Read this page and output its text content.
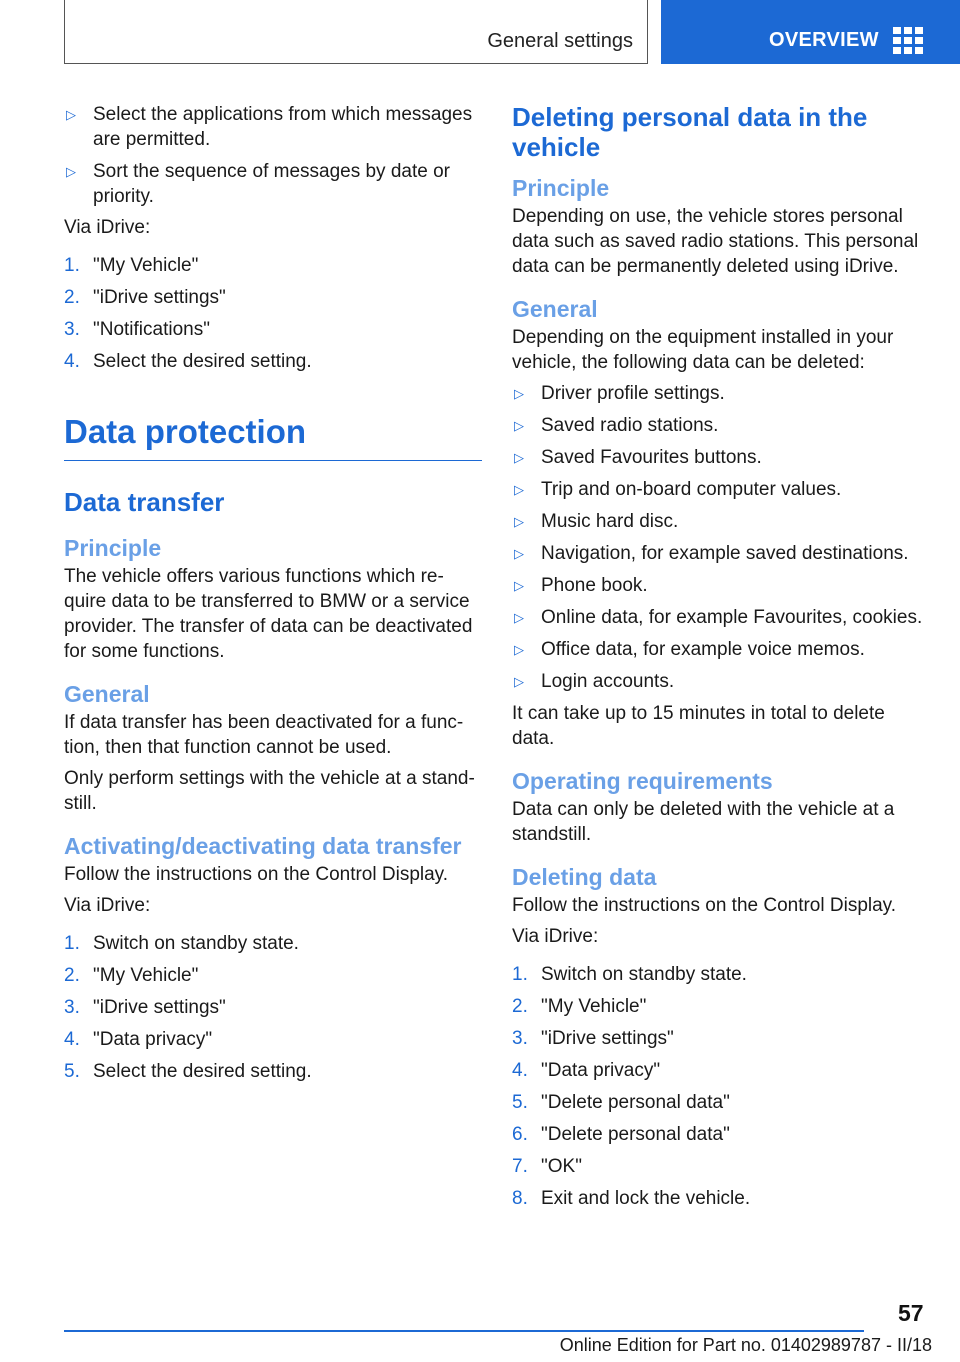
General settings	OVERVIEW
▷ Select the applications from which messages are permitted.
▷ Sort the sequence of messages by date or priority.

Via iDrive:

1. "My Vehicle"
2. "iDrive settings"
3. "Notifications"
4. Select the desired setting.
Data protection
Data transfer
Principle

The vehicle offers various functions which re‐quire data to be transferred to BMW or a service provider. The transfer of data can be deactivated for some functions.

General

If data transfer has been deactivated for a func‐tion, then that function cannot be used.

Only perform settings with the vehicle at a stand‐still.

Activating/deactivating data transfer

Follow the instructions on the Control Display.

Via iDrive:

1. Switch on standby state.
2. "My Vehicle"
3. "iDrive settings"
4. "Data privacy"
5. Select the desired setting.
Deleting personal data in the vehicle
Principle

Depending on use, the vehicle stores personal data such as saved radio stations. This personal data can be permanently deleted using iDrive.

General

Depending on the equipment installed in your vehicle, the following data can be deleted:

▷ Driver profile settings.
▷ Saved radio stations.
▷ Saved Favourites buttons.
▷ Trip and on-board computer values.
▷ Music hard disc.
▷ Navigation, for example saved destinations.
▷ Phone book.
▷ Online data, for example Favourites, cookies.
▷ Office data, for example voice memos.
▷ Login accounts.

It can take up to 15 minutes in total to delete data.

Operating requirements

Data can only be deleted with the vehicle at a standstill.

Deleting data

Follow the instructions on the Control Display.

Via iDrive:

1. Switch on standby state.
2. "My Vehicle"
3. "iDrive settings"
4. "Data privacy"
5. "Delete personal data"
6. "Delete personal data"
7. "OK"
8. Exit and lock the vehicle.
57
Online Edition for Part no. 01402989787 - II/18
